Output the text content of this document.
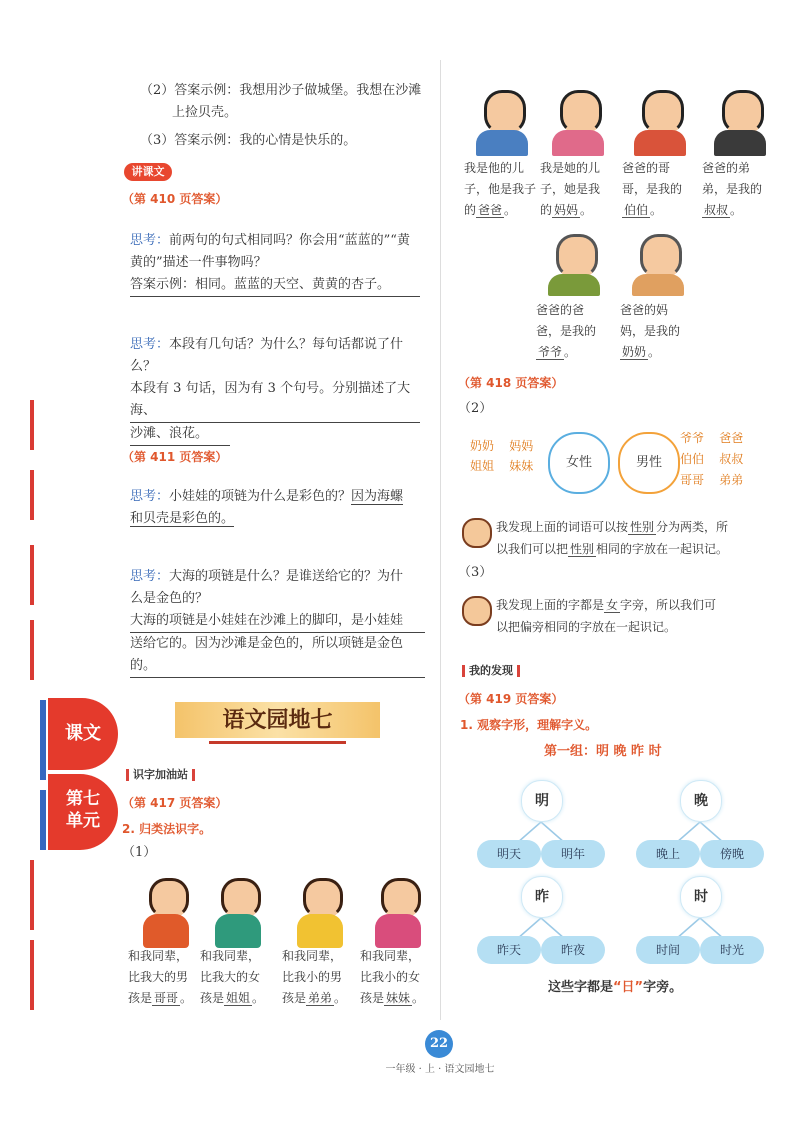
（2）答案示例：我想用沙子做城堡。我想在沙滩
上捡贝壳。
（3）答案示例：我的心情是快乐的。
讲课文
（第 410 页答案）
思考：前两句的句式相同吗？你会用“蓝蓝的”“黄
黄的”描述一件事物吗？
答案示例：相同。蓝蓝的天空、黄黄的杏子。
思考：本段有几句话？为什么？每句话都说了什
么？
本段有 3 句话，因为有 3 个句号。分别描述了大海、
沙滩、浪花。
（第 411 页答案）
思考：小娃娃的项链为什么是彩色的？因为海螺
和贝壳是彩色的。
思考：大海的项链是什么？是谁送给它的？为什
么是金色的？
大海的项链是小娃娃在沙滩上的脚印，是小娃娃
送给它的。因为沙滩是金色的，所以项链是金色的。
语文园地七
识字加油站
（第 417 页答案）
2. 归类法识字。
（1）
和我同辈，
比我大的男
孩是 哥哥 。
和我同辈，
比我大的女
孩是 姐姐 。
和我同辈，
比我小的男
孩是 弟弟 。
和我同辈，
比我小的女
孩是 妹妹 。
课文
第七
单元
我是他的儿
子，他是我子
的 爸爸 。
我是她的儿
子，她是我
的 妈妈 。
爸爸的哥
哥，是我的
伯伯 。
爸爸的弟
弟，是我的
叔叔 。
爸爸的爸
爸，是我的
爷爷 。
爸爸的妈
妈，是我的
奶奶 。
（第 418 页答案）
（2）
奶奶 妈妈
姐姐 妹妹	女性	男性
爷爷 爸爸
伯伯 叔叔
哥哥 弟弟
我发现上面的词语可以按 性别 分为两类，所
以我们可以把 性别 相同的字放在一起识记。
（3）
我发现上面的字都是 女 字旁，所以我们可
以把偏旁相同的字放在一起识记。
我的发现
（第 419 页答案）
1. 观察字形，理解字义。
第一组：明 晚 昨 时
明
明天	明年
晚
晚上	傍晚
昨
昨天	昨夜
时
时间	时光
这些字都是“日”字旁。
22
一年级 · 上 · 语文园地七
